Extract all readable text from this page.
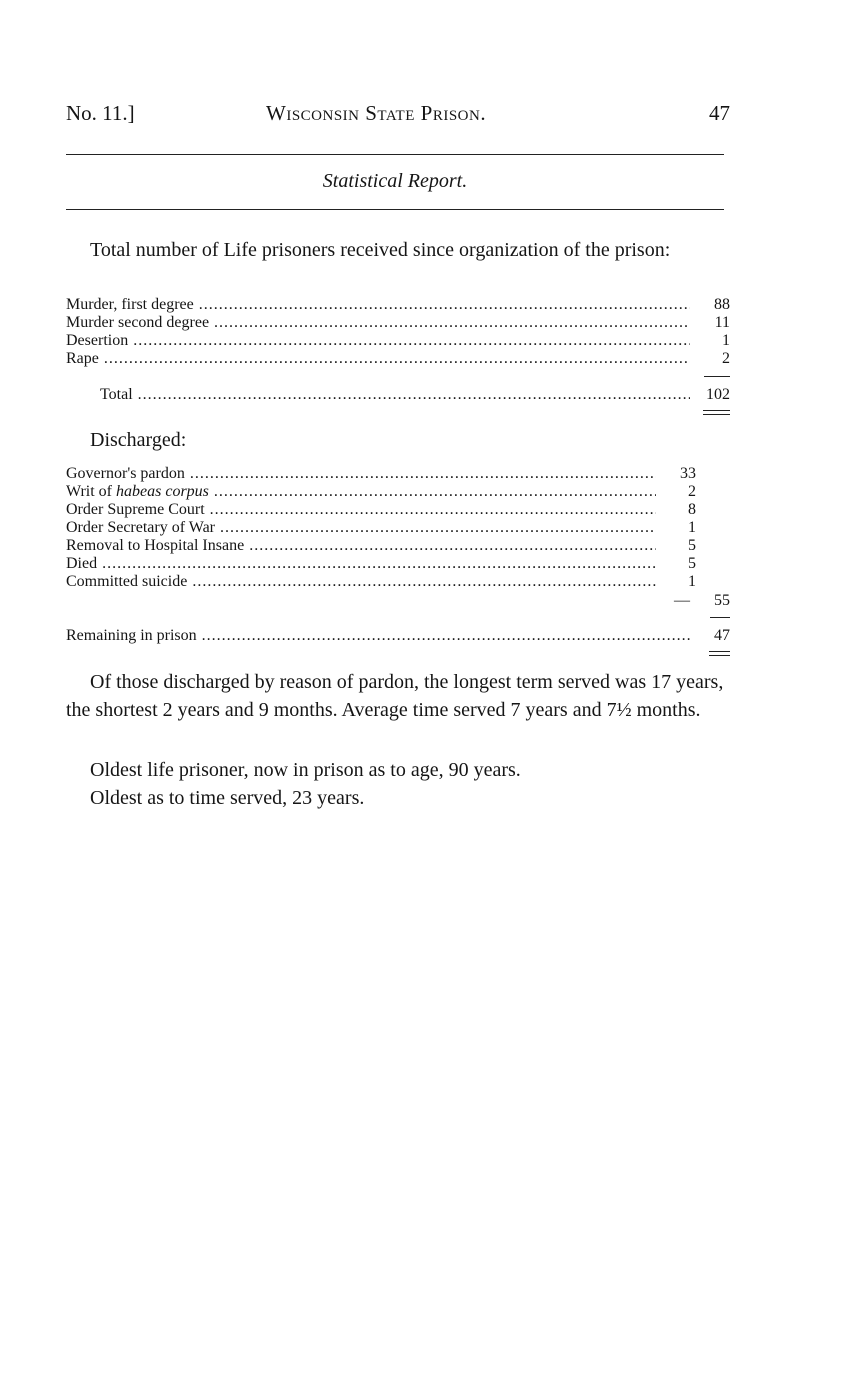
No. 11.]	Wisconsin State Prison.	47
Statistical Report.
Total number of Life prisoners received since organization of the prison:
Murder, first degree .....	88
Murder second degree .....	11
Desertion .....	1
Rape .....	2
Total .....	102
Discharged:
Governor's pardon .....	33
Writ of habeas corpus .....	2
Order Supreme Court .....	8
Order Secretary of War .....	1
Removal to Hospital Insane .....	5
Died .....	5
Committed suicide .....	1
—	55
Remaining in prison .....	47
Of those discharged by reason of pardon, the longest term served was 17 years, the shortest 2 years and 9 months. Average time served 7 years and 7½ months.
Oldest life prisoner, now in prison as to age, 90 years.
Oldest as to time served, 23 years.
